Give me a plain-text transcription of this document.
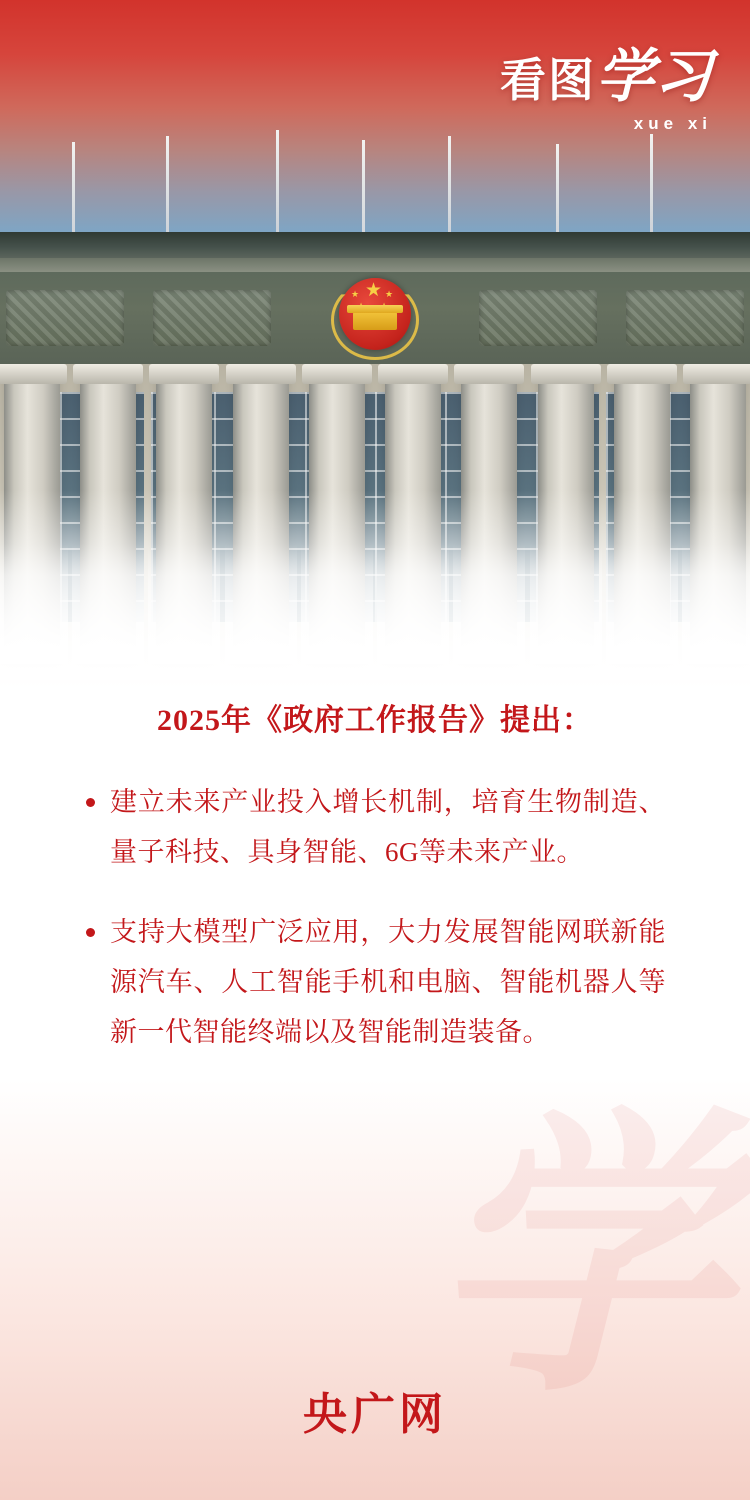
★
★	★
看图学习
xue xi
学
2025年《政府工作报告》提出：
建立未来产业投入增长机制，培育生物制造、量子科技、具身智能、6G等未来产业。
支持大模型广泛应用，大力发展智能网联新能源汽车、人工智能手机和电脑、智能机器人等新一代智能终端以及智能制造装备。
央广网
